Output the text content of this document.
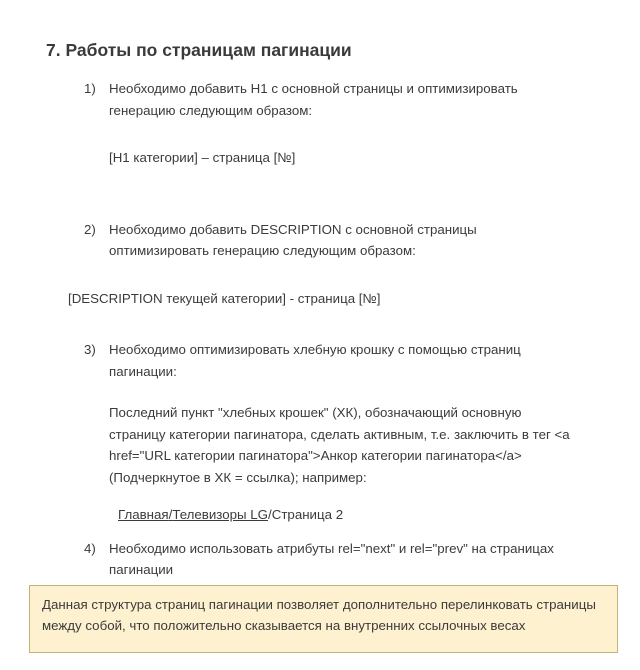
7. Работы по страницам пагинации
1) Необходимо добавить H1 с основной страницы и оптимизировать генерацию следующим образом:
[H1 категории] – страница [№]
2) Необходимо добавить DESCRIPTION с основной страницы оптимизировать генерацию следующим образом:
[DESCRIPTION текущей категории] - страница [№]
3) Необходимо оптимизировать хлебную крошку с помощью страниц пагинации:
Последний пункт "хлебных крошек" (ХК), обозначающий основную страницу категории пагинатора, сделать активным, т.е. заключить в тег <a href="URL категории пагинатора">Анкор категории пагинатора</a> (Подчеркнутое в ХК = ссылка); например:
Главная/Телевизоры LG/Страница 2
4) Необходимо использовать атрибуты rel="next" и rel="prev" на страницах пагинации
Данная структура страниц пагинации позволяет дополнительно перелинковать страницы между собой, что положительно сказывается на внутренних ссылочных весах
